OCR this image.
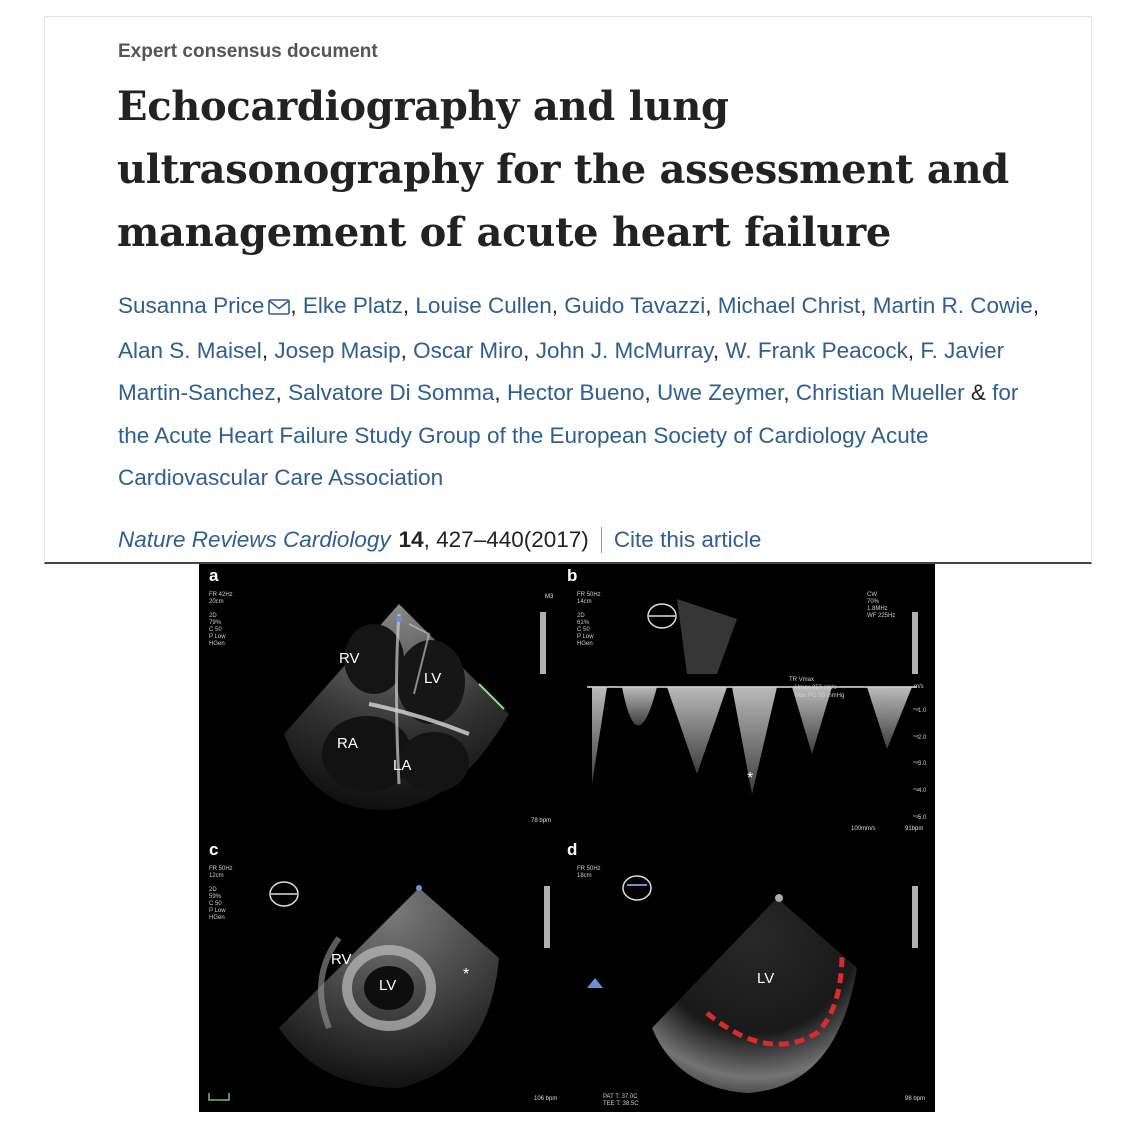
Expert consensus document
Echocardiography and lung
ultrasonography for the assessment and
management of acute heart failure
Susanna Price , Elke Platz, Louise Cullen, Guido Tavazzi, Michael Christ, Martin R. Cowie, Alan S. Maisel, Josep Masip, Oscar Miro, John J. McMurray, W. Frank Peacock, F. Javier Martin-Sanchez, Salvatore Di Somma, Hector Bueno, Uwe Zeymer, Christian Mueller & for the Acute Heart Failure Study Group of the European Society of Cardiology Acute Cardiovascular Care Association
Nature Reviews Cardiology 14, 427–440(2017) Cite this article
a
M3
FR 42Hz
20cm
2D
79%
C 50
P Low
HGen
RV
LV
RA
LA
78 bpm
b
FR 50Hz
14cm
2D
61%
C 50
P Low
HGen
CW
70%
1.8MHz
WF 225Hz
TR Vmax
Vmax 353 cm/s
Max PG 50 mmHg
m/s
-1.0
-2.0
-3.0
-4.0
-5.0
*
100mm/s	91bpm
c
FR 50Hz
12cm
2D
59%
C 50
P Low
HGen
RV
LV
*
106 bpm
d
FR 50Hz
18cm
LV
PAT T: 37.0C
TEE T: 38.5C
98 bpm
